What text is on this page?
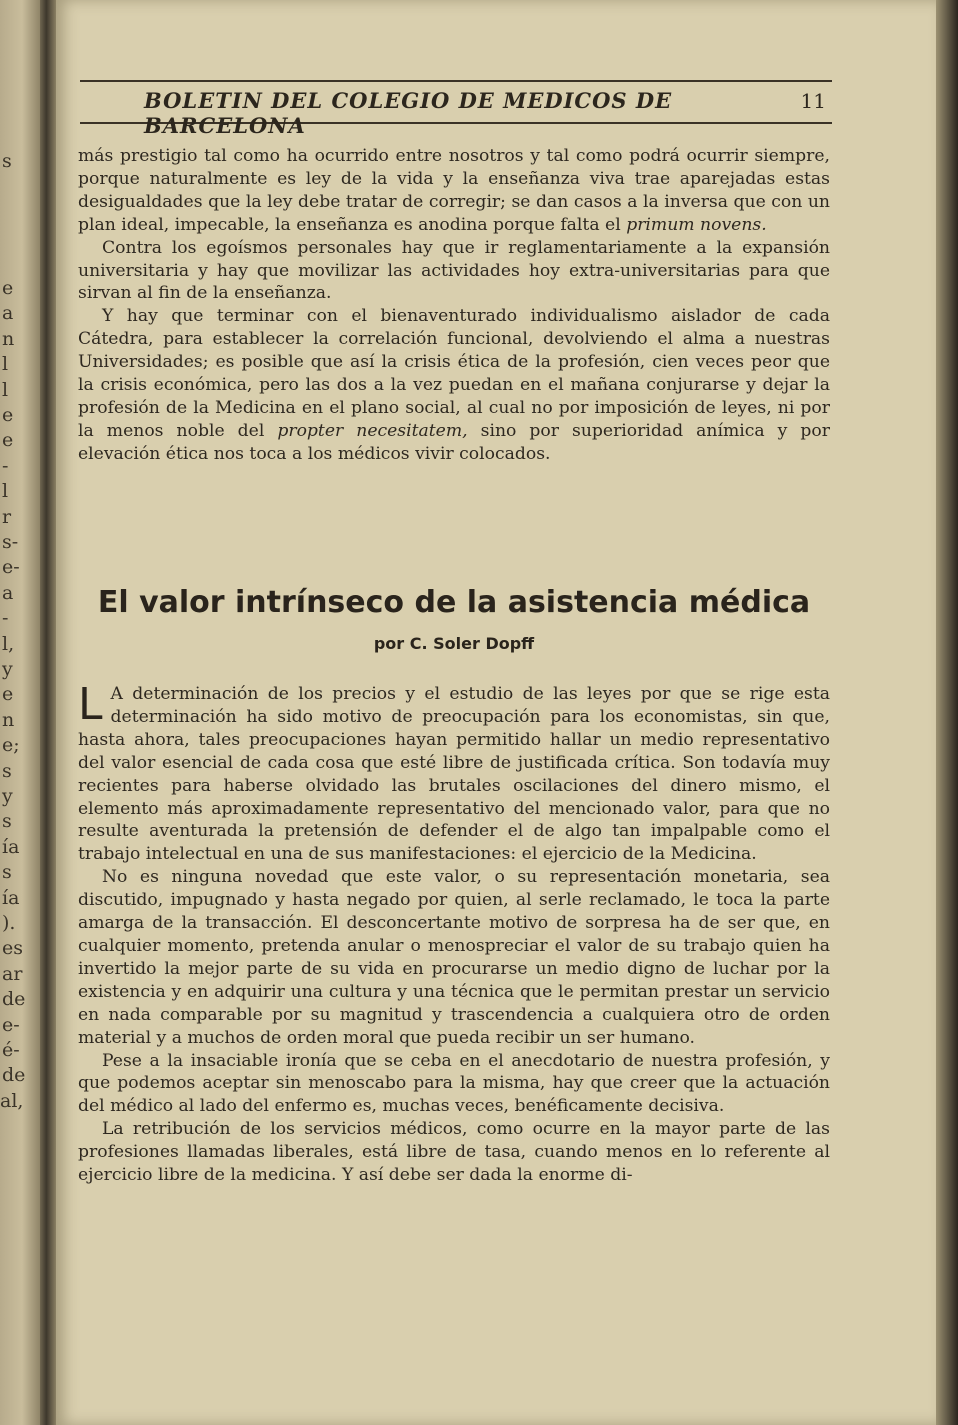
s
e
a
n
l
l
e
e
-
l
r
s-
e-
a
-
l,
y
e
n
e;
s
y
s
ía
s
ía
).
es
ar
de
e-
é-
de
al,
BOLETIN DEL COLEGIO DE MEDICOS DE BARCELONA
11

más prestigio tal como ha ocurrido entre nosotros y tal como podrá ocurrir siempre, porque naturalmente es ley de la vida y la enseñanza viva trae aparejadas estas desigualdades que la ley debe tratar de corregir; se dan casos a la inversa que con un plan ideal, impecable, la enseñanza es anodina porque falta el primum novens.

Contra los egoísmos personales hay que ir reglamentariamente a la expansión universitaria y hay que movilizar las actividades hoy extra-universitarias para que sirvan al fin de la enseñanza.

Y hay que terminar con el bienaventurado individualismo aislador de cada Cátedra, para establecer la correlación funcional, devolviendo el alma a nuestras Universidades; es posible que así la crisis ética de la profesión, cien veces peor que la crisis económica, pero las dos a la vez puedan en el mañana conjurarse y dejar la profesión de la Medicina en el plano social, al cual no por imposición de leyes, ni por la menos noble del propter necesitatem, sino por superioridad anímica y por elevación ética nos toca a los médicos vivir colocados.

El valor intrínseco de la asistencia médica
por C. Soler Dopff

L A determinación de los precios y el estudio de las leyes por que se rige esta determinación ha sido motivo de preocupación para los economistas, sin que, hasta ahora, tales preocupaciones hayan permitido hallar un medio representativo del valor esencial de cada cosa que esté libre de justificada crítica. Son todavía muy recientes para haberse olvidado las brutales oscilaciones del dinero mismo, el elemento más aproximadamente representativo del mencionado valor, para que no resulte aventurada la pretensión de defender el de algo tan impalpable como el trabajo intelectual en una de sus manifestaciones: el ejercicio de la Medicina.

No es ninguna novedad que este valor, o su representación monetaria, sea discutido, impugnado y hasta negado por quien, al serle reclamado, le toca la parte amarga de la transacción. El desconcertante motivo de sorpresa ha de ser que, en cualquier momento, pretenda anular o menospreciar el valor de su trabajo quien ha invertido la mejor parte de su vida en procurarse un medio digno de luchar por la existencia y en adquirir una cultura y una técnica que le permitan prestar un servicio en nada comparable por su magnitud y trascendencia a cualquiera otro de orden material y a muchos de orden moral que pueda recibir un ser humano.

Pese a la insaciable ironía que se ceba en el anecdotario de nuestra profesión, y que podemos aceptar sin menoscabo para la misma, hay que creer que la actuación del médico al lado del enfermo es, muchas veces, benéficamente decisiva.

La retribución de los servicios médicos, como ocurre en la mayor parte de las profesiones llamadas liberales, está libre de tasa, cuando menos en lo referente al ejercicio libre de la medicina. Y así debe ser dada la enorme di-
